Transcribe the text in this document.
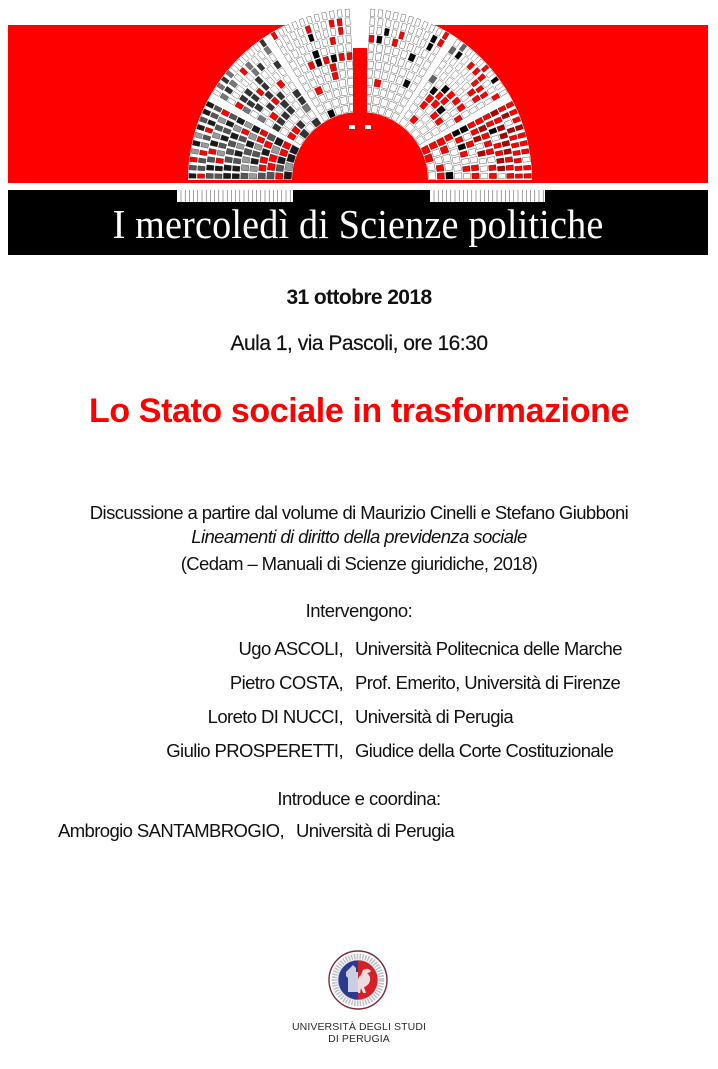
I mercoledì di Scienze politiche
31 ottobre 2018
Aula 1, via Pascoli, ore 16:30
Lo Stato sociale in trasformazione
Discussione a partire dal volume di Maurizio Cinelli e Stefano Giubboni
Lineamenti di diritto della previdenza sociale
(Cedam – Manuali di Scienze giuridiche, 2018)
Intervengono:
Ugo ASCOLI, Università Politecnica delle Marche
Pietro COSTA, Prof. Emerito, Università di Firenze
Loreto DI NUCCI, Università di Perugia
Giulio PROSPERETTI, Giudice della Corte Costituzionale
Introduce e coordina:
Ambrogio SANTAMBROGIO, Università di Perugia
UNIVERSITÀ DEGLI STUDI
DI PERUGIA
